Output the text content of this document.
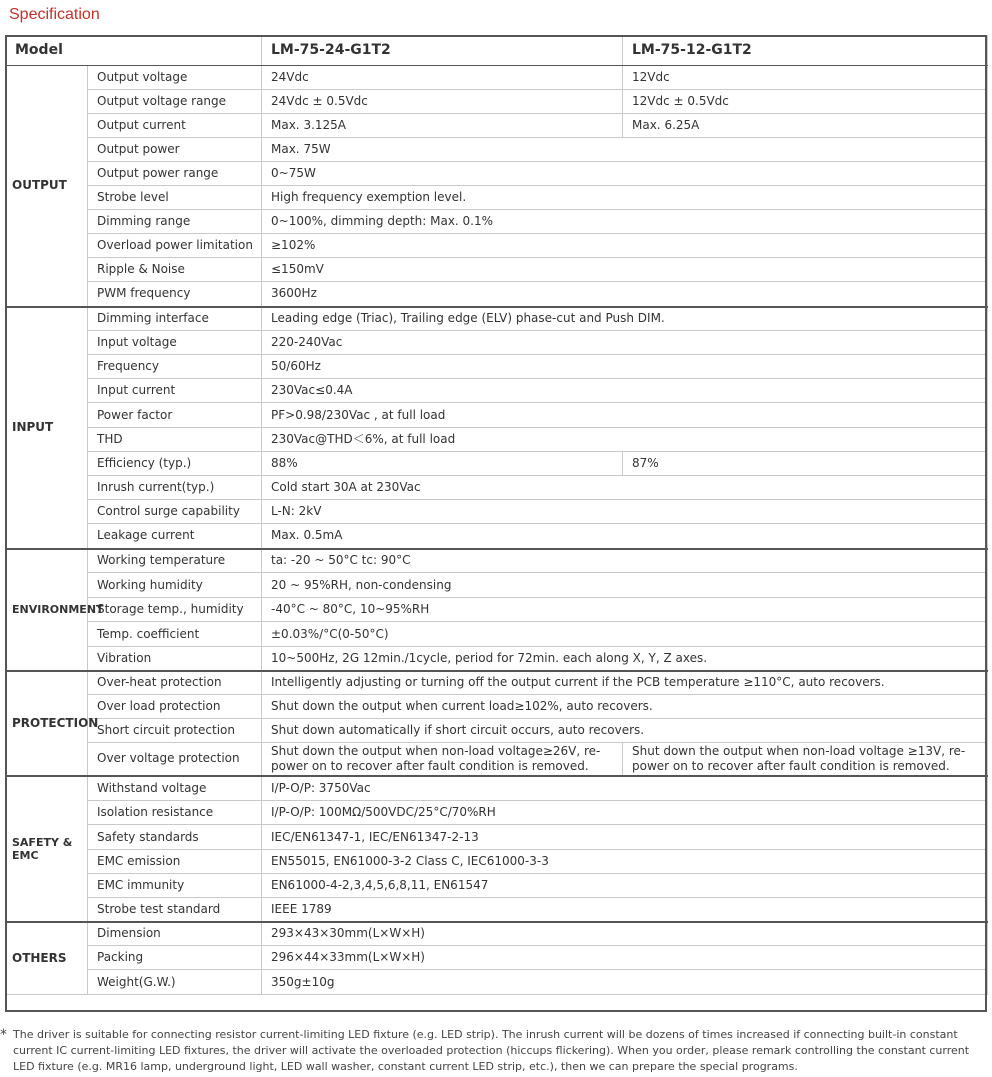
Specification
Model		LM-75-24-G1T2	LM-75-12-G1T2
OUTPUT	Output voltage	24Vdc	12Vdc
	Output voltage range	24Vdc ± 0.5Vdc	12Vdc ± 0.5Vdc
	Output current	Max. 3.125A	Max. 6.25A
	Output power	Max. 75W	
	Output power range	0~75W	
	Strobe level	High frequency exemption level.	
	Dimming range	0~100%, dimming depth: Max. 0.1%	
	Overload power limitation	≥102%	
	Ripple & Noise	≤150mV	
	PWM frequency	3600Hz	
INPUT	Dimming interface	Leading edge (Triac), Trailing edge (ELV) phase-cut and Push DIM.	
	Input voltage	220-240Vac	
	Frequency	50/60Hz	
	Input current	230Vac≤0.4A	
	Power factor	PF>0.98/230Vac , at full load	
	THD	230Vac@THD＜6%, at full load	
	Efficiency (typ.)	88%	87%
	Inrush current(typ.)	Cold start 30A at 230Vac	
	Control surge capability	L-N: 2kV	
	Leakage current	Max. 0.5mA	
ENVIRONMENT	Working temperature	ta: -20 ~ 50°C tc: 90°C	
	Working humidity	20 ~ 95%RH, non-condensing	
	Storage temp., humidity	-40°C ~ 80°C, 10~95%RH	
	Temp. coefficient	±0.03%/°C(0-50°C)	
	Vibration	10~500Hz, 2G 12min./1cycle, period for 72min. each along X, Y, Z axes.	
PROTECTION	Over-heat protection	Intelligently adjusting or turning off the output current if the PCB temperature ≥110°C, auto recovers.	
	Over load protection	Shut down the output when current load≥102%, auto recovers.	
	Short circuit protection	Shut down automatically if short circuit occurs, auto recovers.	
	Over voltage protection	Shut down the output when non-load voltage≥26V, re-power on to recover after fault condition is removed.	Shut down the output when non-load voltage ≥13V, re-power on to recover after fault condition is removed.
SAFETY & EMC	Withstand voltage	I/P-O/P: 3750Vac	
	Isolation resistance	I/P-O/P: 100MΩ/500VDC/25°C/70%RH	
	Safety standards	IEC/EN61347-1, IEC/EN61347-2-13	
	EMC emission	EN55015, EN61000-3-2 Class C, IEC61000-3-3	
	EMC immunity	EN61000-4-2,3,4,5,6,8,11, EN61547	
	Strobe test standard	IEEE 1789	
OTHERS	Dimension	293×43×30mm(L×W×H)	
	Packing	296×44×33mm(L×W×H)	
	Weight(G.W.)	350g±10g	
* The driver is suitable for connecting resistor current-limiting LED fixture (e.g. LED strip). The inrush current will be dozens of times increased if connecting built-in constant current IC current-limiting LED fixtures, the driver will activate the overloaded protection (hiccups flickering). When you order, please remark controlling the constant current LED fixture (e.g. MR16 lamp, underground light, LED wall washer, constant current LED strip, etc.), then we can prepare the special programs.
